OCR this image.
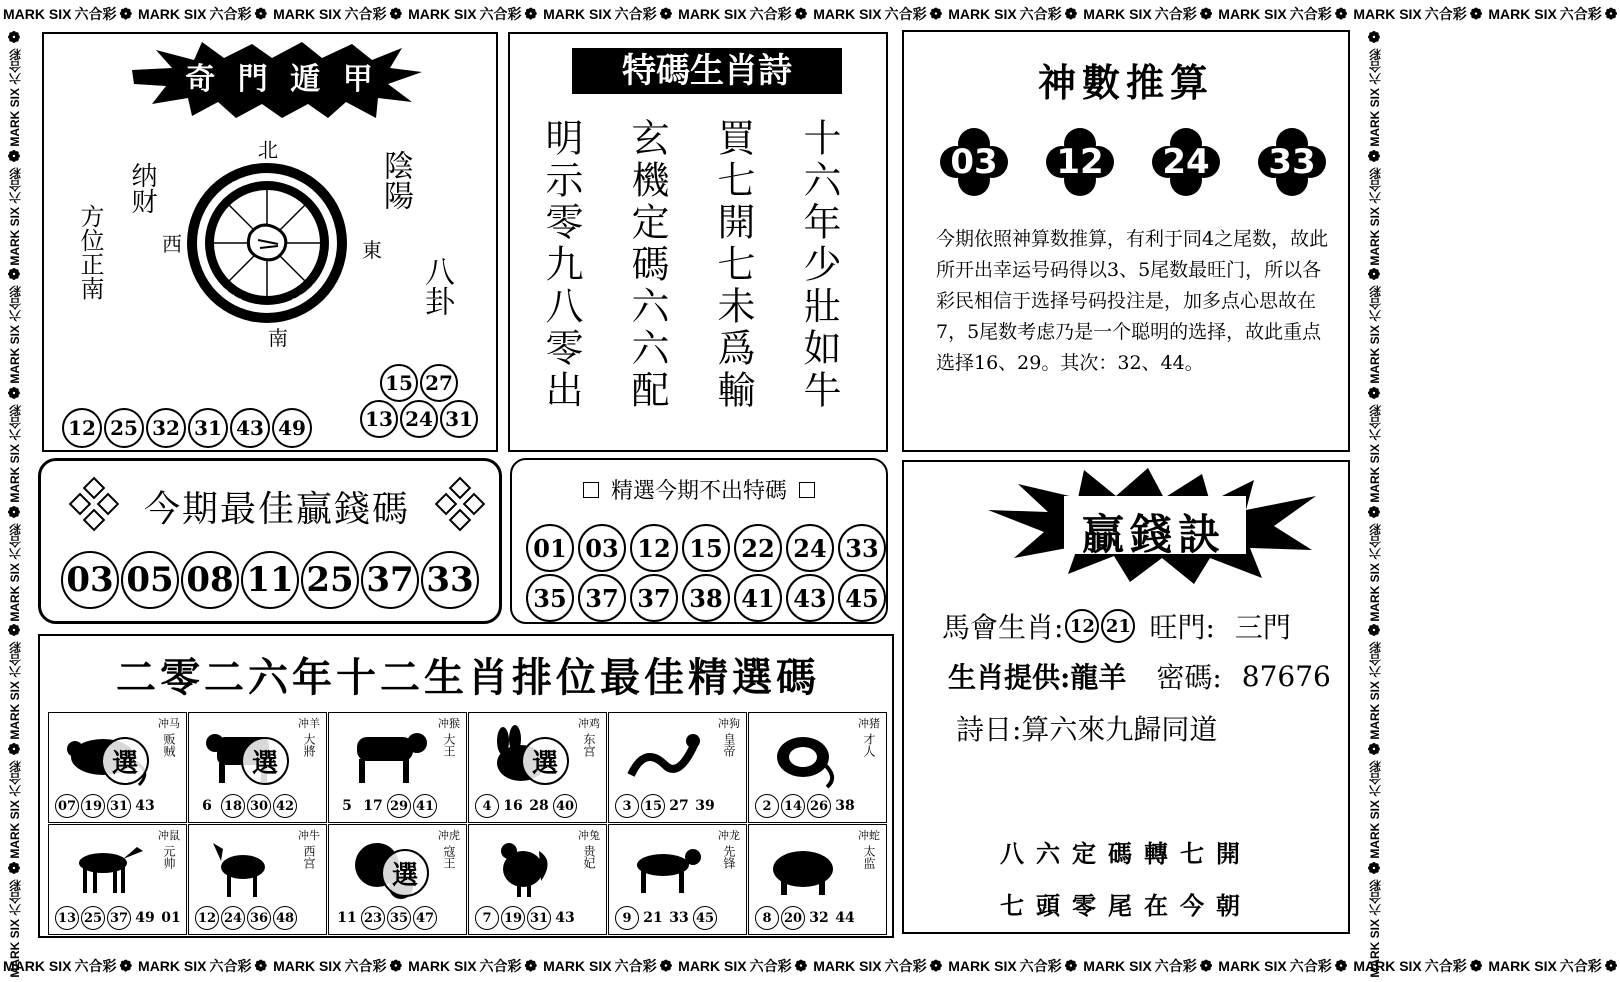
MARK SIX 六合彩 ❁ MARK SIX 六合彩 ❁ MARK SIX 六合彩 ❁ MARK SIX 六合彩 ❁ MARK SIX 六合彩 ❁ MARK SIX 六合彩 ❁ MARK SIX 六合彩 ❁ MARK SIX 六合彩 ❁ MARK SIX 六合彩 ❁ MARK SIX 六合彩 ❁ MARK SIX 六合彩 ❁ MARK SIX 六合彩 ❁
MARK SIX 六合彩 ❁ MARK SIX 六合彩 ❁ MARK SIX 六合彩 ❁ MARK SIX 六合彩 ❁ MARK SIX 六合彩 ❁ MARK SIX 六合彩 ❁ MARK SIX 六合彩 ❁ MARK SIX 六合彩 ❁ MARK SIX 六合彩 ❁ MARK SIX 六合彩 ❁ MARK SIX 六合彩 ❁ MARK SIX 六合彩 ❁
MARK SIX
六合彩
❁
MARK SIX
六合彩
❁
MARK SIX
六合彩
❁
MARK SIX
六合彩
❁
MARK SIX
六合彩
❁
MARK SIX
六合彩
❁
MARK SIX
六合彩
❁
MARK SIX
六合彩
❁
MARK SIX
六合彩
❁
MARK SIX
六合彩
❁
MARK SIX
六合彩
❁
MARK SIX
六合彩
❁
MARK SIX
六合彩
❁
MARK SIX
六合彩
❁
MARK SIX
六合彩
❁
MARK SIX
六合彩
❁
奇 門 遁 甲
1 2 3
4
5
6
7
8
9
10
11
12
13
14
15
16
17
18
19
20
21
22
23
24
25
26
27
28
29
30
31
32
33
34
35
36
37
38
39
40
41
42
43
44
45
46 47 48 49
北
南
西	東
纳财
方位正南
陰陽
八卦
12 25 32 31 43 49
15 27
13 24 31
特碼生肖詩
十六年少壯如牛
買七開七未爲輸
玄機定碼六六配
明示零九八零出
神數推算
03	12	24	33
今期依照神算数推算，有利于同4之尾数，故此所开出幸运号码得以3、5尾数最旺门，所以各彩民相信于选择号码投注是，加多点心思故在7，5尾数考虑乃是一个聪明的选择，故此重点选择16、29。其次：32、44。
今期最佳贏錢碼
03 05 08 11 25 37 33
精選今期不出特碼
01 03 12 15 22 24 33
35 37 37 38 41 43 45
贏錢訣
馬會生肖: 12 21 旺門: 三門
生肖提供:龍羊 密碼: 87676
詩日:算六來九歸同道
八六定碼轉七開
七頭零尾在今朝
二零二六年十二生肖排位最佳精選碼
冲马
贩贼
選
07 19 31 43
冲羊
大將
選
6 18 30 42
冲猴
大王
5 17 29 41
冲鸡
东宫
選
4 16 28 40
冲狗
皇帝
3 15 27 39
冲猪
才人
2 14 26 38
冲鼠
元帅
13 25 37 49 01
冲牛
西宫
12 24 36 48
冲虎
寇王
選
11 23 35 47
冲兔
贵妃
7 19 31 43
冲龙
先锋
9 21 33 45
冲蛇
太监
8 20 32 44
